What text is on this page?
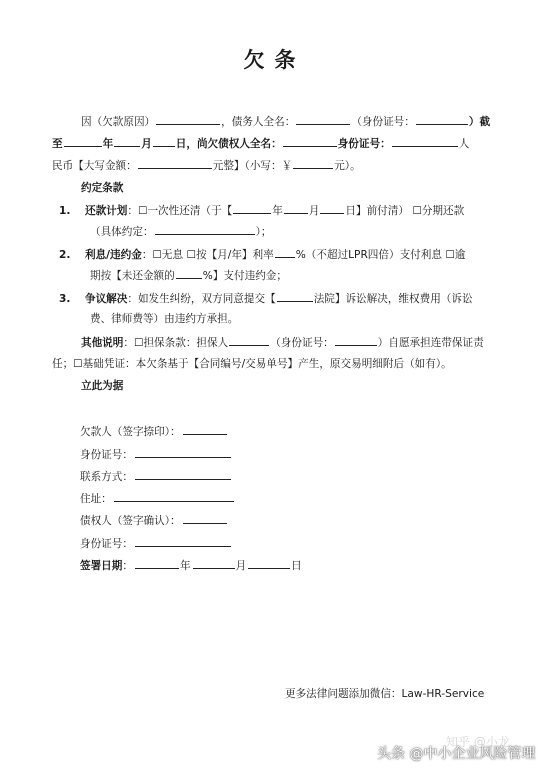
欠条
因（欠款原因）	，债务人全名：	（身份证号：	）截
至	年	月 日，尚欠债权人全名：	身份证号：	人
民币【大写金额：	元整】（小写：￥	元）。
约定条款
1. 还款计划：☐一次性还清（于【	年 月 日】前付清） ☐分期还款
（具体约定：	）；
2. 利息/违约金：☐无息 ☐按【月/年】利率 %（不超过LPR四倍）支付利息 ☐逾
期按【未还金额的	%】支付违约金；
3. 争议解决：如发生纠纷，双方同意提交【	法院】诉讼解决，维权费用（诉讼
费、律师费等）由违约方承担。
其他说明：☐担保条款：担保人	（身份证号：	）自愿承担连带保证责
任；☐基础凭证：本欠条基于【合同编号/交易单号】产生，原交易明细附后（如有）。
立此为据
欠款人（签字捺印）：
身份证号：
联系方式：
住址：
债权人（签字确认）：
身份证号：
签署日期：	年	月	日
更多法律问题添加微信：Law-HR-Service
知乎 @小龙
头条 @中小企业风险管理
